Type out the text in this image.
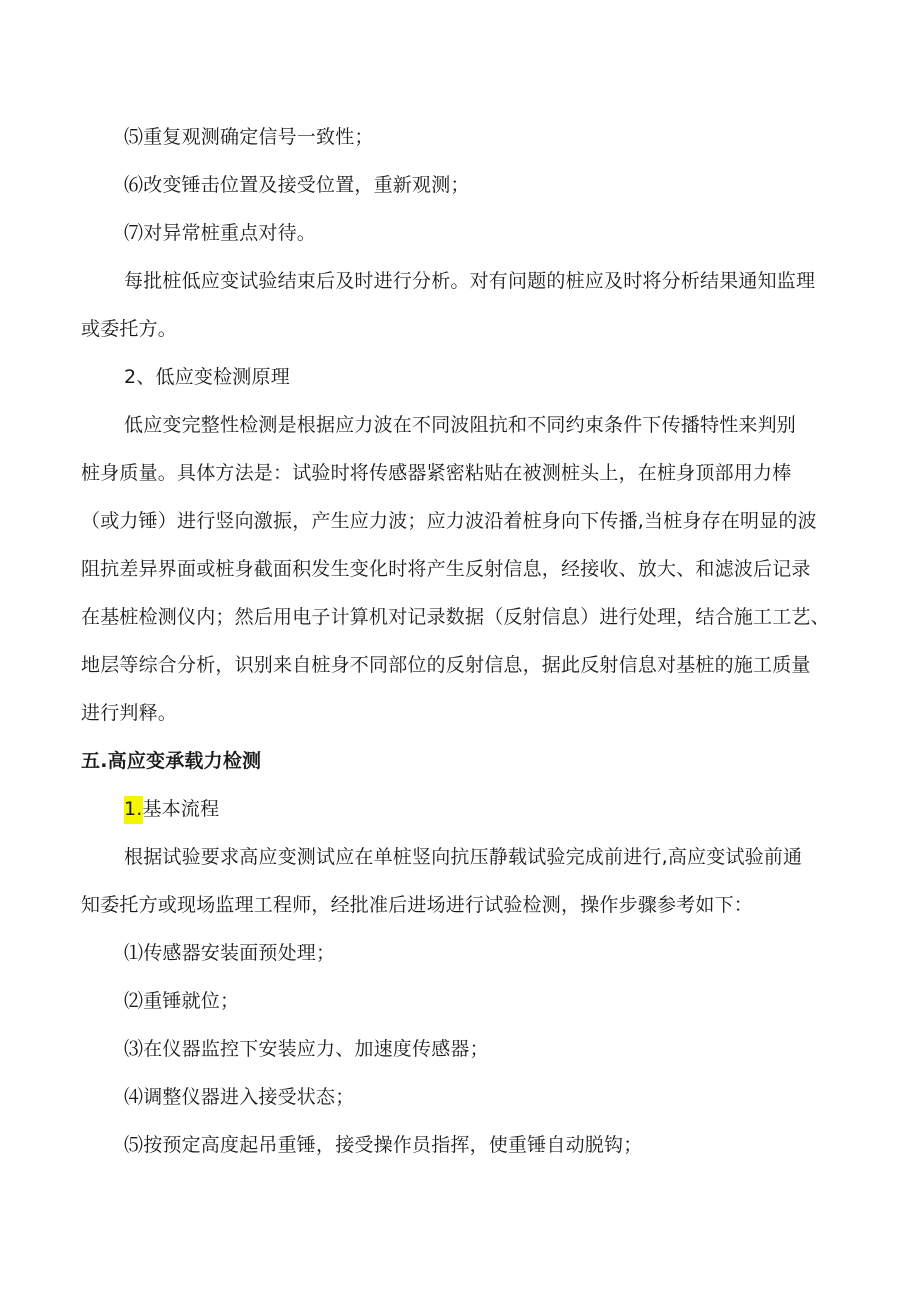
⑸重复观测确定信号一致性；
⑹改变锤击位置及接受位置，重新观测；
⑺对异常桩重点对待。
每批桩低应变试验结束后及时进行分析。对有问题的桩应及时将分析结果通知监理
或委托方。
2、低应变检测原理
低应变完整性检测是根据应力波在不同波阻抗和不同约束条件下传播特性来判别
桩身质量。具体方法是：试验时将传感器紧密粘贴在被测桩头上，在桩身顶部用力棒
（或力锤）进行竖向激振，产生应力波；应力波沿着桩身向下传播,当桩身存在明显的波
阻抗差异界面或桩身截面积发生变化时将产生反射信息，经接收、放大、和滤波后记录
在基桩检测仪内；然后用电子计算机对记录数据（反射信息）进行处理，结合施工工艺、
地层等综合分析，识别来自桩身不同部位的反射信息，据此反射信息对基桩的施工质量
进行判释。
五.高应变承载力检测
1.基本流程
根据试验要求高应变测试应在单桩竖向抗压静载试验完成前进行,高应变试验前通
知委托方或现场监理工程师，经批准后进场进行试验检测，操作步骤参考如下：
⑴传感器安装面预处理；
⑵重锤就位；
⑶在仪器监控下安装应力、加速度传感器；
⑷调整仪器进入接受状态；
⑸按预定高度起吊重锤，接受操作员指挥，使重锤自动脱钩；
